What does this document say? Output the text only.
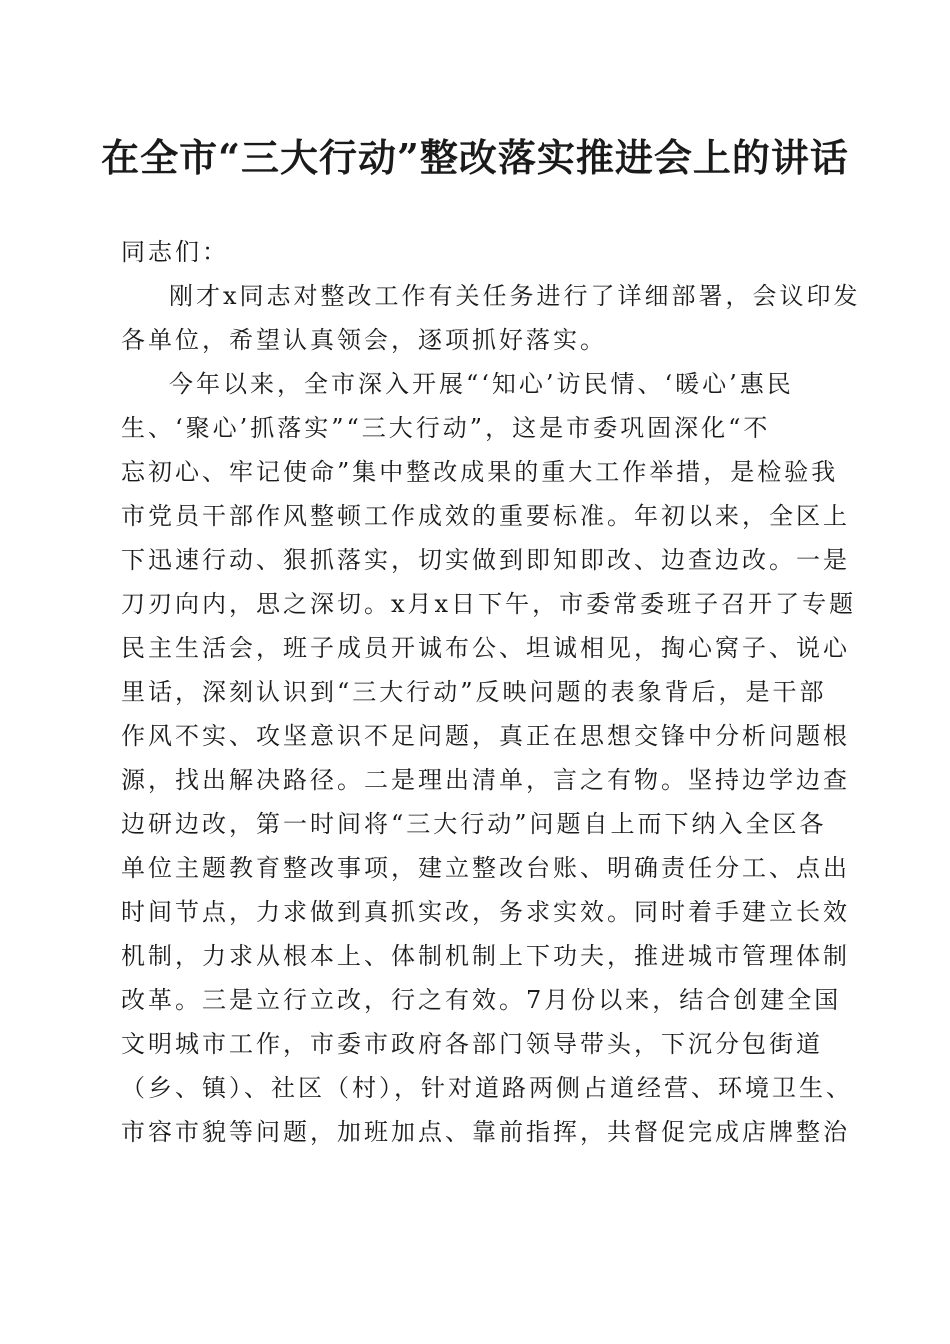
在全市“三大行动”整改落实推进会上的讲话

同志们：

刚才x同志对整改工作有关任务进行了详细部署，会议印发
各单位，希望认真领会，逐项抓好落实。

今年以来，全市深入开展“‘知心’访民情、‘暖心’惠民
生、‘聚心’抓落实”“三大行动”，这是市委巩固深化“不
忘初心、牢记使命”集中整改成果的重大工作举措，是检验我
市党员干部作风整顿工作成效的重要标准。年初以来，全区上
下迅速行动、狠抓落实，切实做到即知即改、边查边改。一是
刀刃向内，思之深切。x月x日下午，市委常委班子召开了专题
民主生活会，班子成员开诚布公、坦诚相见，掏心窝子、说心
里话，深刻认识到“三大行动”反映问题的表象背后，是干部
作风不实、攻坚意识不足问题，真正在思想交锋中分析问题根
源，找出解决路径。二是理出清单，言之有物。坚持边学边查
边研边改，第一时间将“三大行动”问题自上而下纳入全区各
单位主题教育整改事项，建立整改台账、明确责任分工、点出
时间节点，力求做到真抓实改，务求实效。同时着手建立长效
机制，力求从根本上、体制机制上下功夫，推进城市管理体制
改革。三是立行立改，行之有效。7月份以来，结合创建全国
文明城市工作，市委市政府各部门领导带头，下沉分包街道
（乡、镇）、社区（村），针对道路两侧占道经营、环境卫生、
市容市貌等问题，加班加点、靠前指挥，共督促完成店牌整治
